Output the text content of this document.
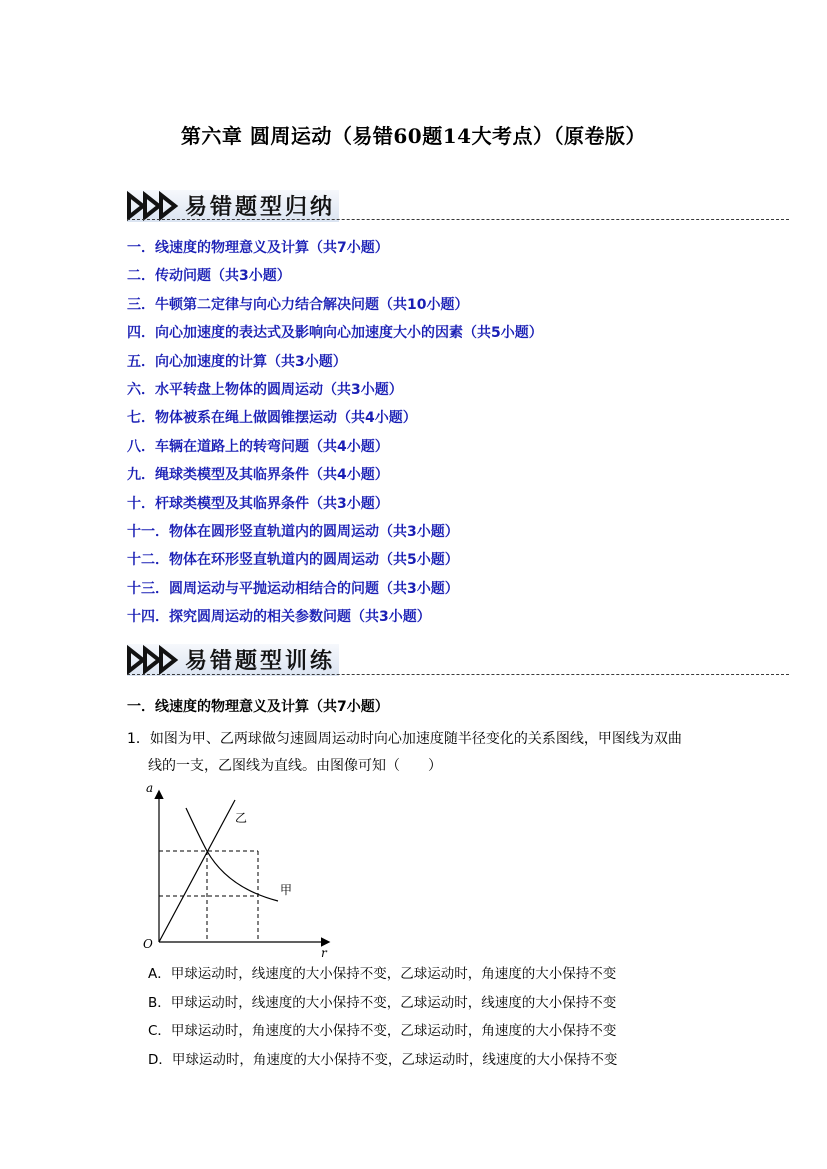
第六章 圆周运动（易错60题14大考点）（原卷版）
易错题型归纳
一．线速度的物理意义及计算（共7小题）
二．传动问题（共3小题）
三．牛顿第二定律与向心力结合解决问题（共10小题）
四．向心加速度的表达式及影响向心加速度大小的因素（共5小题）
五．向心加速度的计算（共3小题）
六．水平转盘上物体的圆周运动（共3小题）
七．物体被系在绳上做圆锥摆运动（共4小题）
八．车辆在道路上的转弯问题（共4小题）
九．绳球类模型及其临界条件（共4小题）
十．杆球类模型及其临界条件（共3小题）
十一．物体在圆形竖直轨道内的圆周运动（共3小题）
十二．物体在环形竖直轨道内的圆周运动（共5小题）
十三．圆周运动与平抛运动相结合的问题（共3小题）
十四．探究圆周运动的相关参数问题（共3小题）
易错题型训练
一．线速度的物理意义及计算（共7小题）
1．如图为甲、乙两球做匀速圆周运动时向心加速度随半径变化的关系图线，甲图线为双曲
线的一支，乙图线为直线。由图像可知（　　）
a
r
O
甲
乙
A．甲球运动时，线速度的大小保持不变，乙球运动时，角速度的大小保持不变
B．甲球运动时，线速度的大小保持不变，乙球运动时，线速度的大小保持不变
C．甲球运动时，角速度的大小保持不变，乙球运动时，角速度的大小保持不变
D．甲球运动时，角速度的大小保持不变，乙球运动时，线速度的大小保持不变
